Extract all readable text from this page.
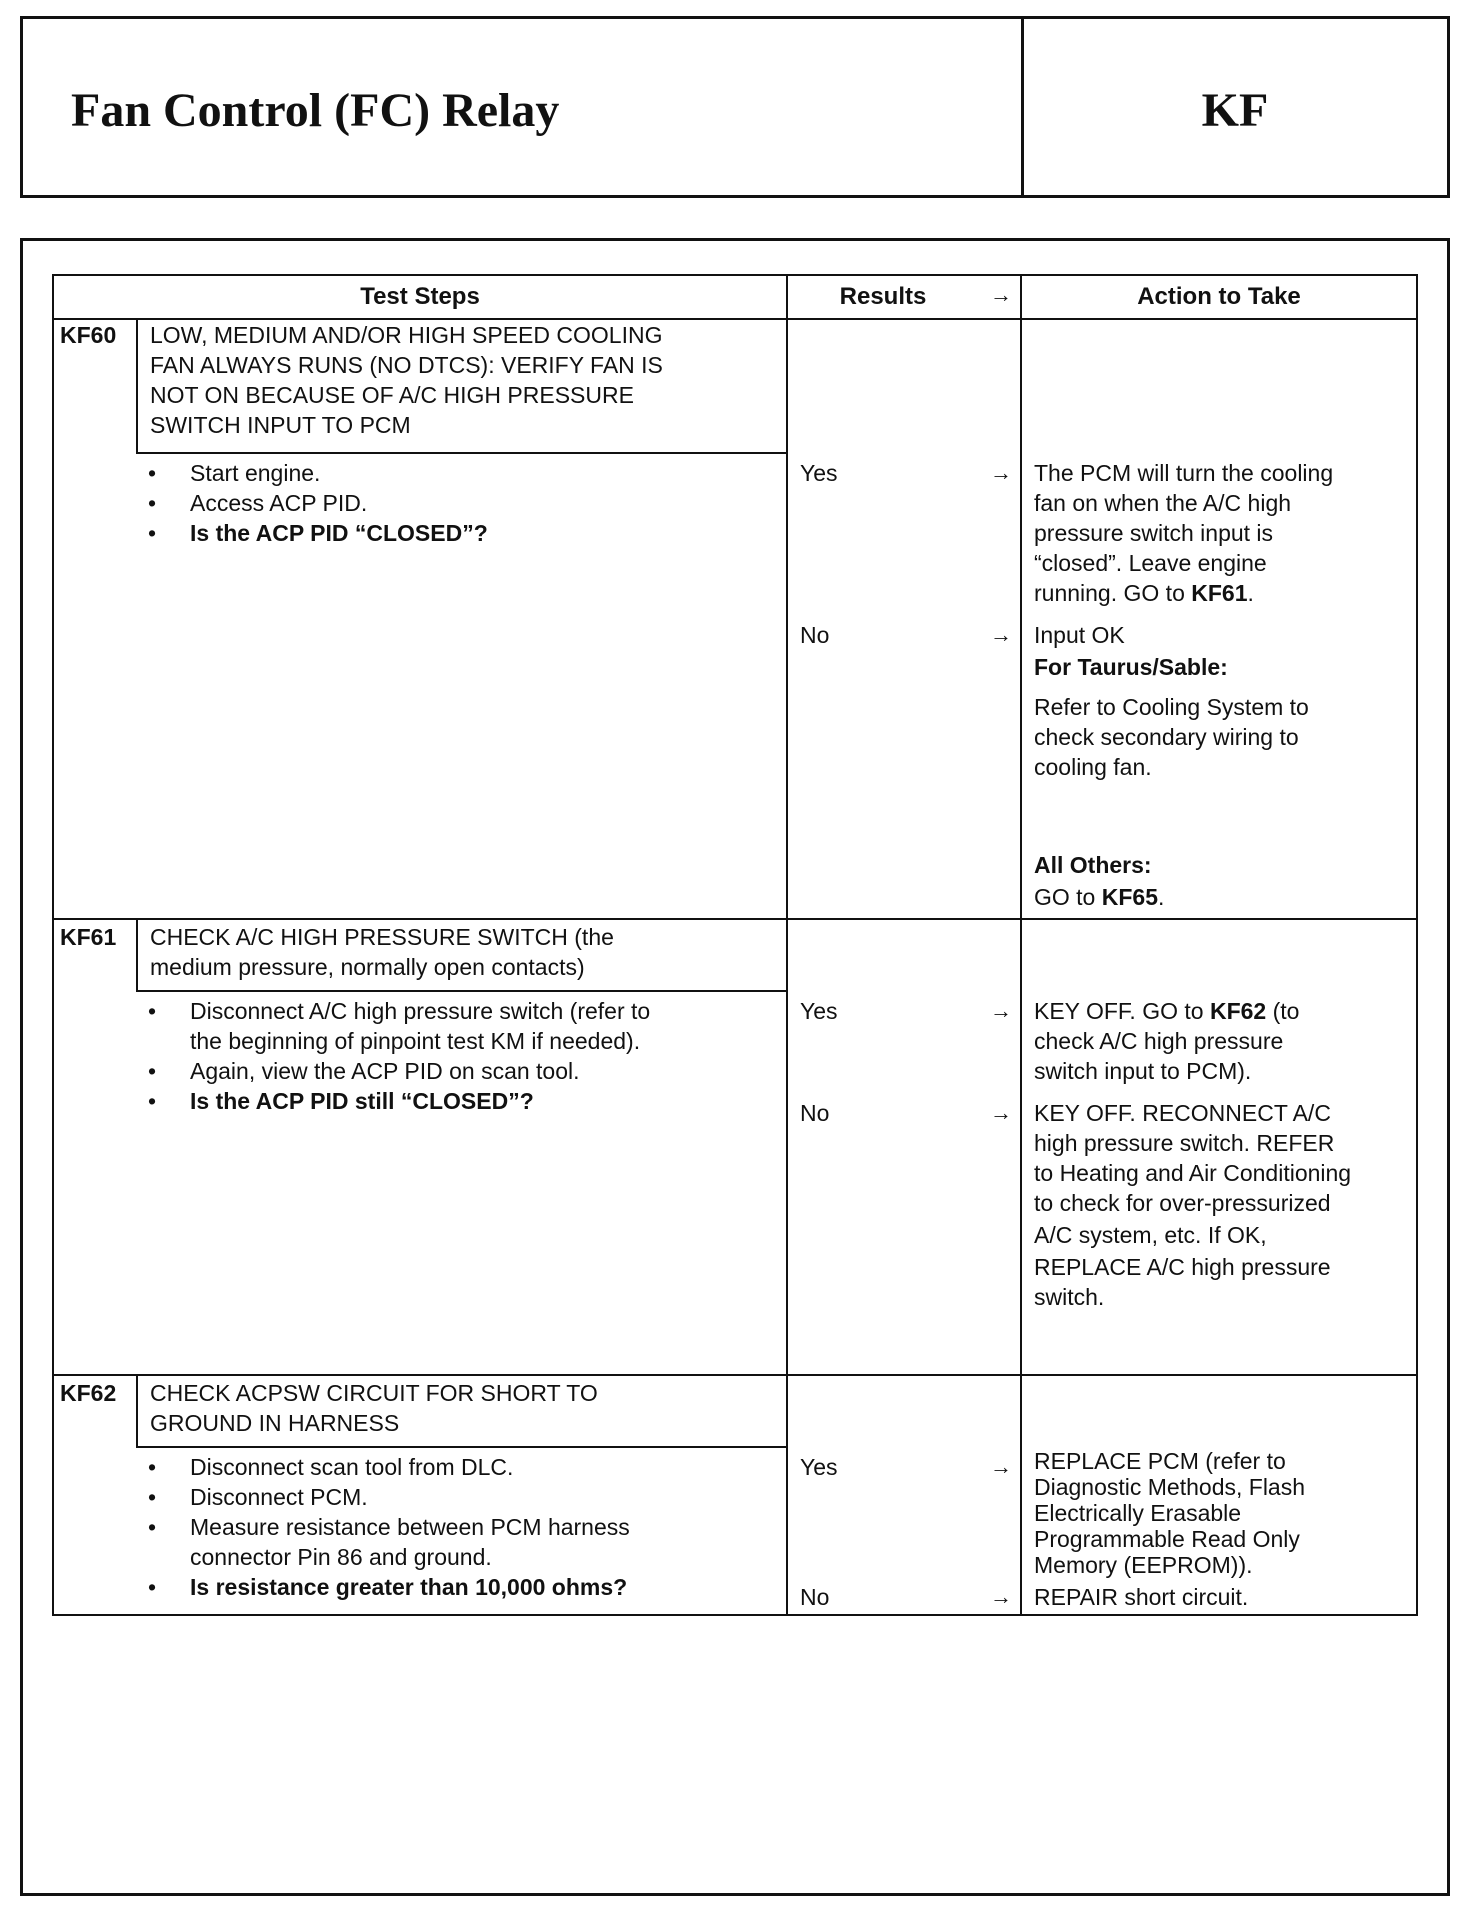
Fan Control (FC) Relay	KF
Test Steps	Results	→	Action to Take
KF60 LOW, MEDIUM AND/OR HIGH SPEED COOLING
FAN ALWAYS RUNS (NO DTCS): VERIFY FAN IS
NOT ON BECAUSE OF A/C HIGH PRESSURE
SWITCH INPUT TO PCM
• Start engine.
• Access ACP PID.
• Is the ACP PID “CLOSED”?
Yes	→ The PCM will turn the cooling
fan on when the A/C high
pressure switch input is
“closed”. Leave engine
running. GO to KF61.
No	→ Input OK
For Taurus/Sable:
Refer to Cooling System to
check secondary wiring to
cooling fan.
All Others:
GO to KF65.
KF61 CHECK A/C HIGH PRESSURE SWITCH (the
medium pressure, normally open contacts)
• Disconnect A/C high pressure switch (refer to
the beginning of pinpoint test KM if needed).
• Again, view the ACP PID on scan tool.
• Is the ACP PID still “CLOSED”?
Yes	→ KEY OFF. GO to KF62 (to
check A/C high pressure
switch input to PCM).
No	→ KEY OFF. RECONNECT A/C
high pressure switch. REFER
to Heating and Air Conditioning
to check for over-pressurized
A/C system, etc. If OK,
REPLACE A/C high pressure
switch.
KF62 CHECK ACPSW CIRCUIT FOR SHORT TO
GROUND IN HARNESS
• Disconnect scan tool from DLC.
• Disconnect PCM.
• Measure resistance between PCM harness
connector Pin 86 and ground.
• Is resistance greater than 10,000 ohms?
Yes	→ REPLACE PCM (refer to
Diagnostic Methods, Flash
Electrically Erasable
Programmable Read Only
Memory (EEPROM)).
No	→ REPAIR short circuit.
